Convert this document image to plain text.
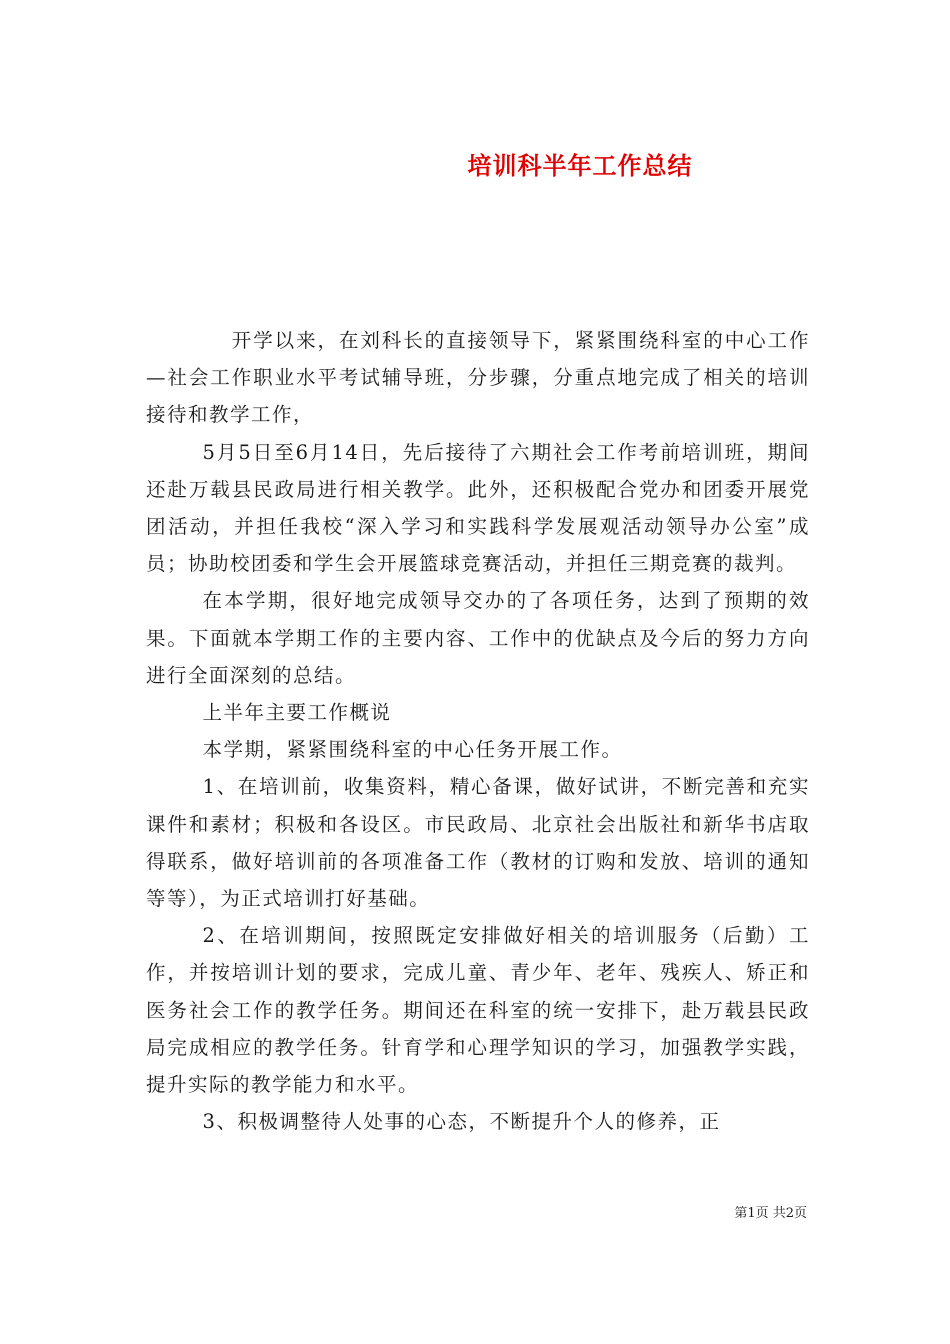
培训科半年工作总结

开学以来，在刘科长的直接领导下，紧紧围绕科室的中心工作—社会工作职业水平考试辅导班，分步骤，分重点地完成了相关的培训接待和教学工作，

5月5日至6月14日，先后接待了六期社会工作考前培训班，期间还赴万载县民政局进行相关教学。此外，还积极配合党办和团委开展党团活动，并担任我校“深入学习和实践科学发展观活动领导办公室”成员；协助校团委和学生会开展篮球竞赛活动，并担任三期竞赛的裁判。

在本学期，很好地完成领导交办的了各项任务，达到了预期的效果。下面就本学期工作的主要内容、工作中的优缺点及今后的努力方向进行全面深刻的总结。

上半年主要工作概说

本学期，紧紧围绕科室的中心任务开展工作。

1、在培训前，收集资料，精心备课，做好试讲，不断完善和充实课件和素材；积极和各设区。市民政局、北京社会出版社和新华书店取得联系，做好培训前的各项准备工作（教材的订购和发放、培训的通知等等），为正式培训打好基础。

2、在培训期间，按照既定安排做好相关的培训服务（后勤）工作，并按培训计划的要求，完成儿童、青少年、老年、残疾人、矫正和医务社会工作的教学任务。期间还在科室的统一安排下，赴万载县民政局完成相应的教学任务。针育学和心理学知识的学习，加强教学实践，提升实际的教学能力和水平。

3、积极调整待人处事的心态，不断提升个人的修养，正

第1页 共2页
